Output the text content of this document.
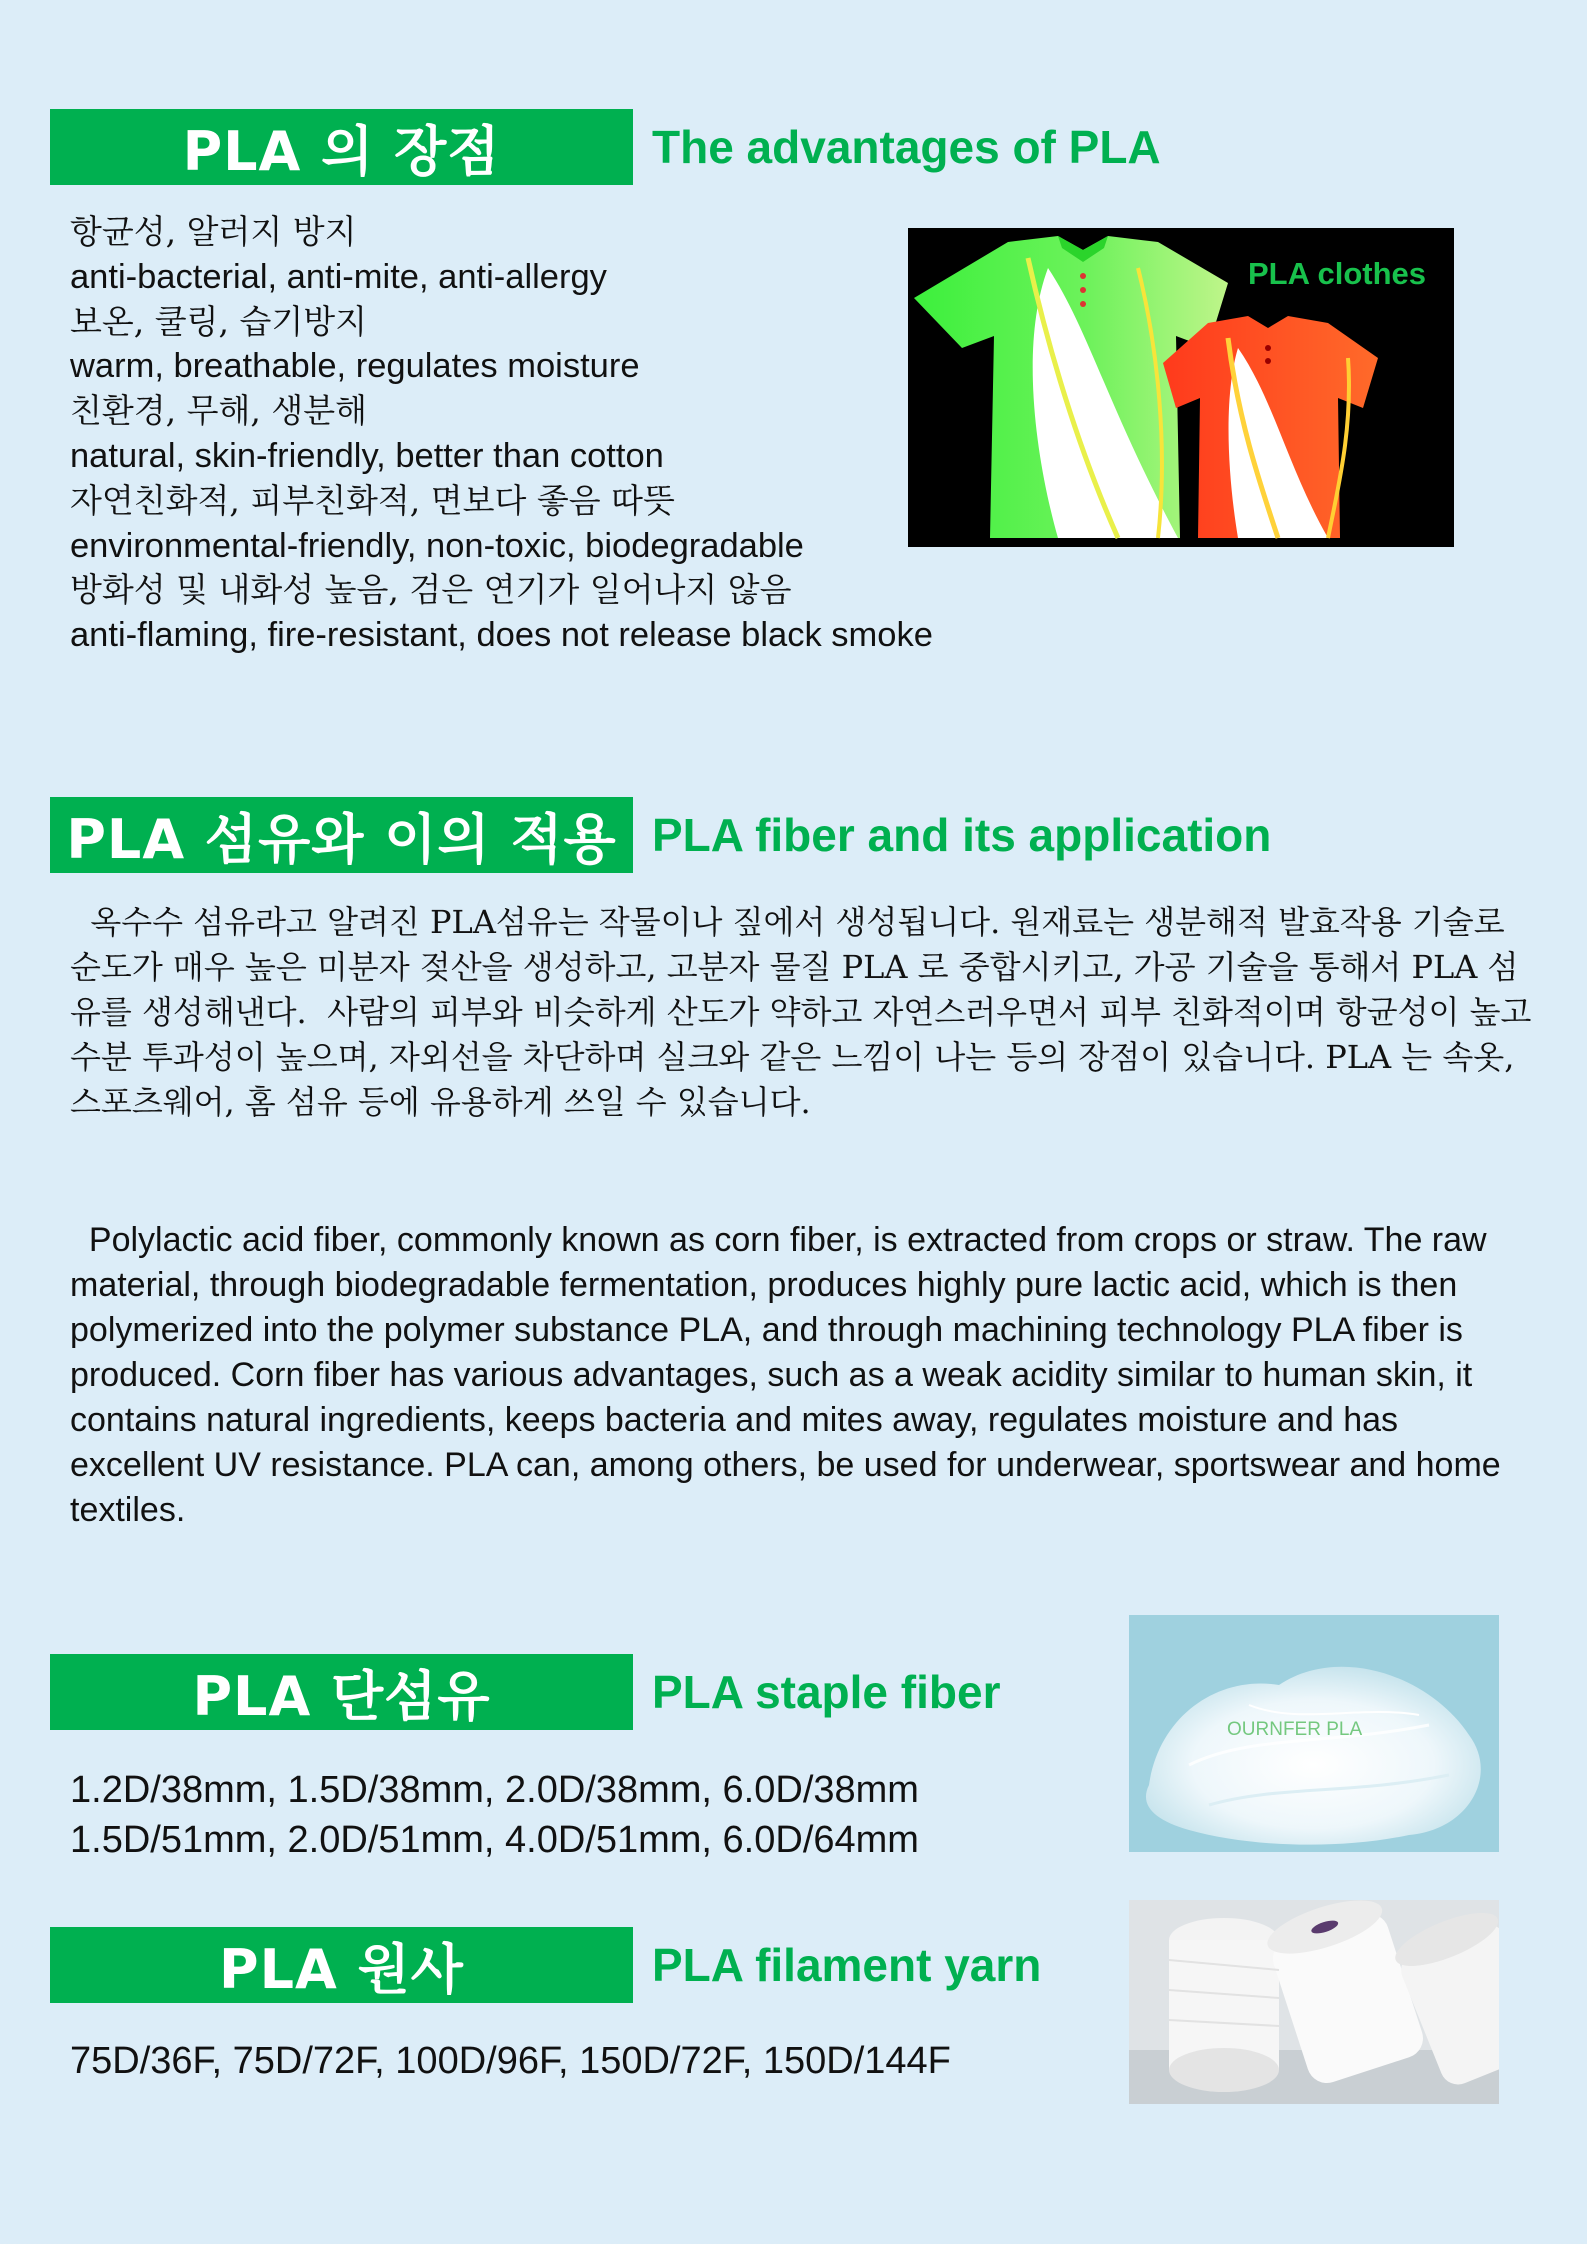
PLA 의 장점	The advantages of PLA
항균성, 알러지 방지
anti-bacterial, anti-mite, anti-allergy
보온, 쿨링, 습기방지
warm, breathable, regulates moisture
친환경, 무해, 생분해
natural, skin-friendly, better than cotton
자연친화적, 피부친화적, 면보다 좋음 따뜻
environmental-friendly, non-toxic, biodegradable
방화성 및 내화성 높음, 검은 연기가 일어나지 않음
anti-flaming, fire-resistant, does not release black smoke
PLA clothes
PLA 섬유와 이의 적용 PLA fiber and its application

옥수수 섬유라고 알려진 PLA섬유는 작물이나 짚에서 생성됩니다. 원재료는 생분해적 발효작용 기술로 순도가 매우 높은 미분자 젖산을 생성하고, 고분자 물질 PLA 로 중합시키고, 가공 기술을 통해서 PLA 섬유를 생성해낸다.  사람의 피부와 비슷하게 산도가 약하고 자연스러우면서 피부 친화적이며 항균성이 높고 수분 투과성이 높으며, 자외선을 차단하며 실크와 같은 느낌이 나는 등의 장점이 있습니다. PLA 는 속옷, 스포츠웨어, 홈 섬유 등에 유용하게 쓰일 수 있습니다.

Polylactic acid fiber, commonly known as corn fiber, is extracted from crops or straw. The raw material, through biodegradable fermentation, produces highly pure lactic acid, which is then polymerized into the polymer substance PLA, and through machining technology PLA fiber is produced. Corn fiber has various advantages, such as a weak acidity similar to human skin, it contains natural ingredients, keeps bacteria and mites away, regulates moisture and has excellent UV resistance. PLA can, among others, be used for underwear, sportswear and home textiles.

PLA 단섬유	PLA staple fiber
1.2D/38mm, 1.5D/38mm, 2.0D/38mm, 6.0D/38mm
1.5D/51mm, 2.0D/51mm, 4.0D/51mm, 6.0D/64mm
OURNFER PLA
PLA 원사	PLA filament yarn
75D/36F, 75D/72F, 100D/96F, 150D/72F, 150D/144F
